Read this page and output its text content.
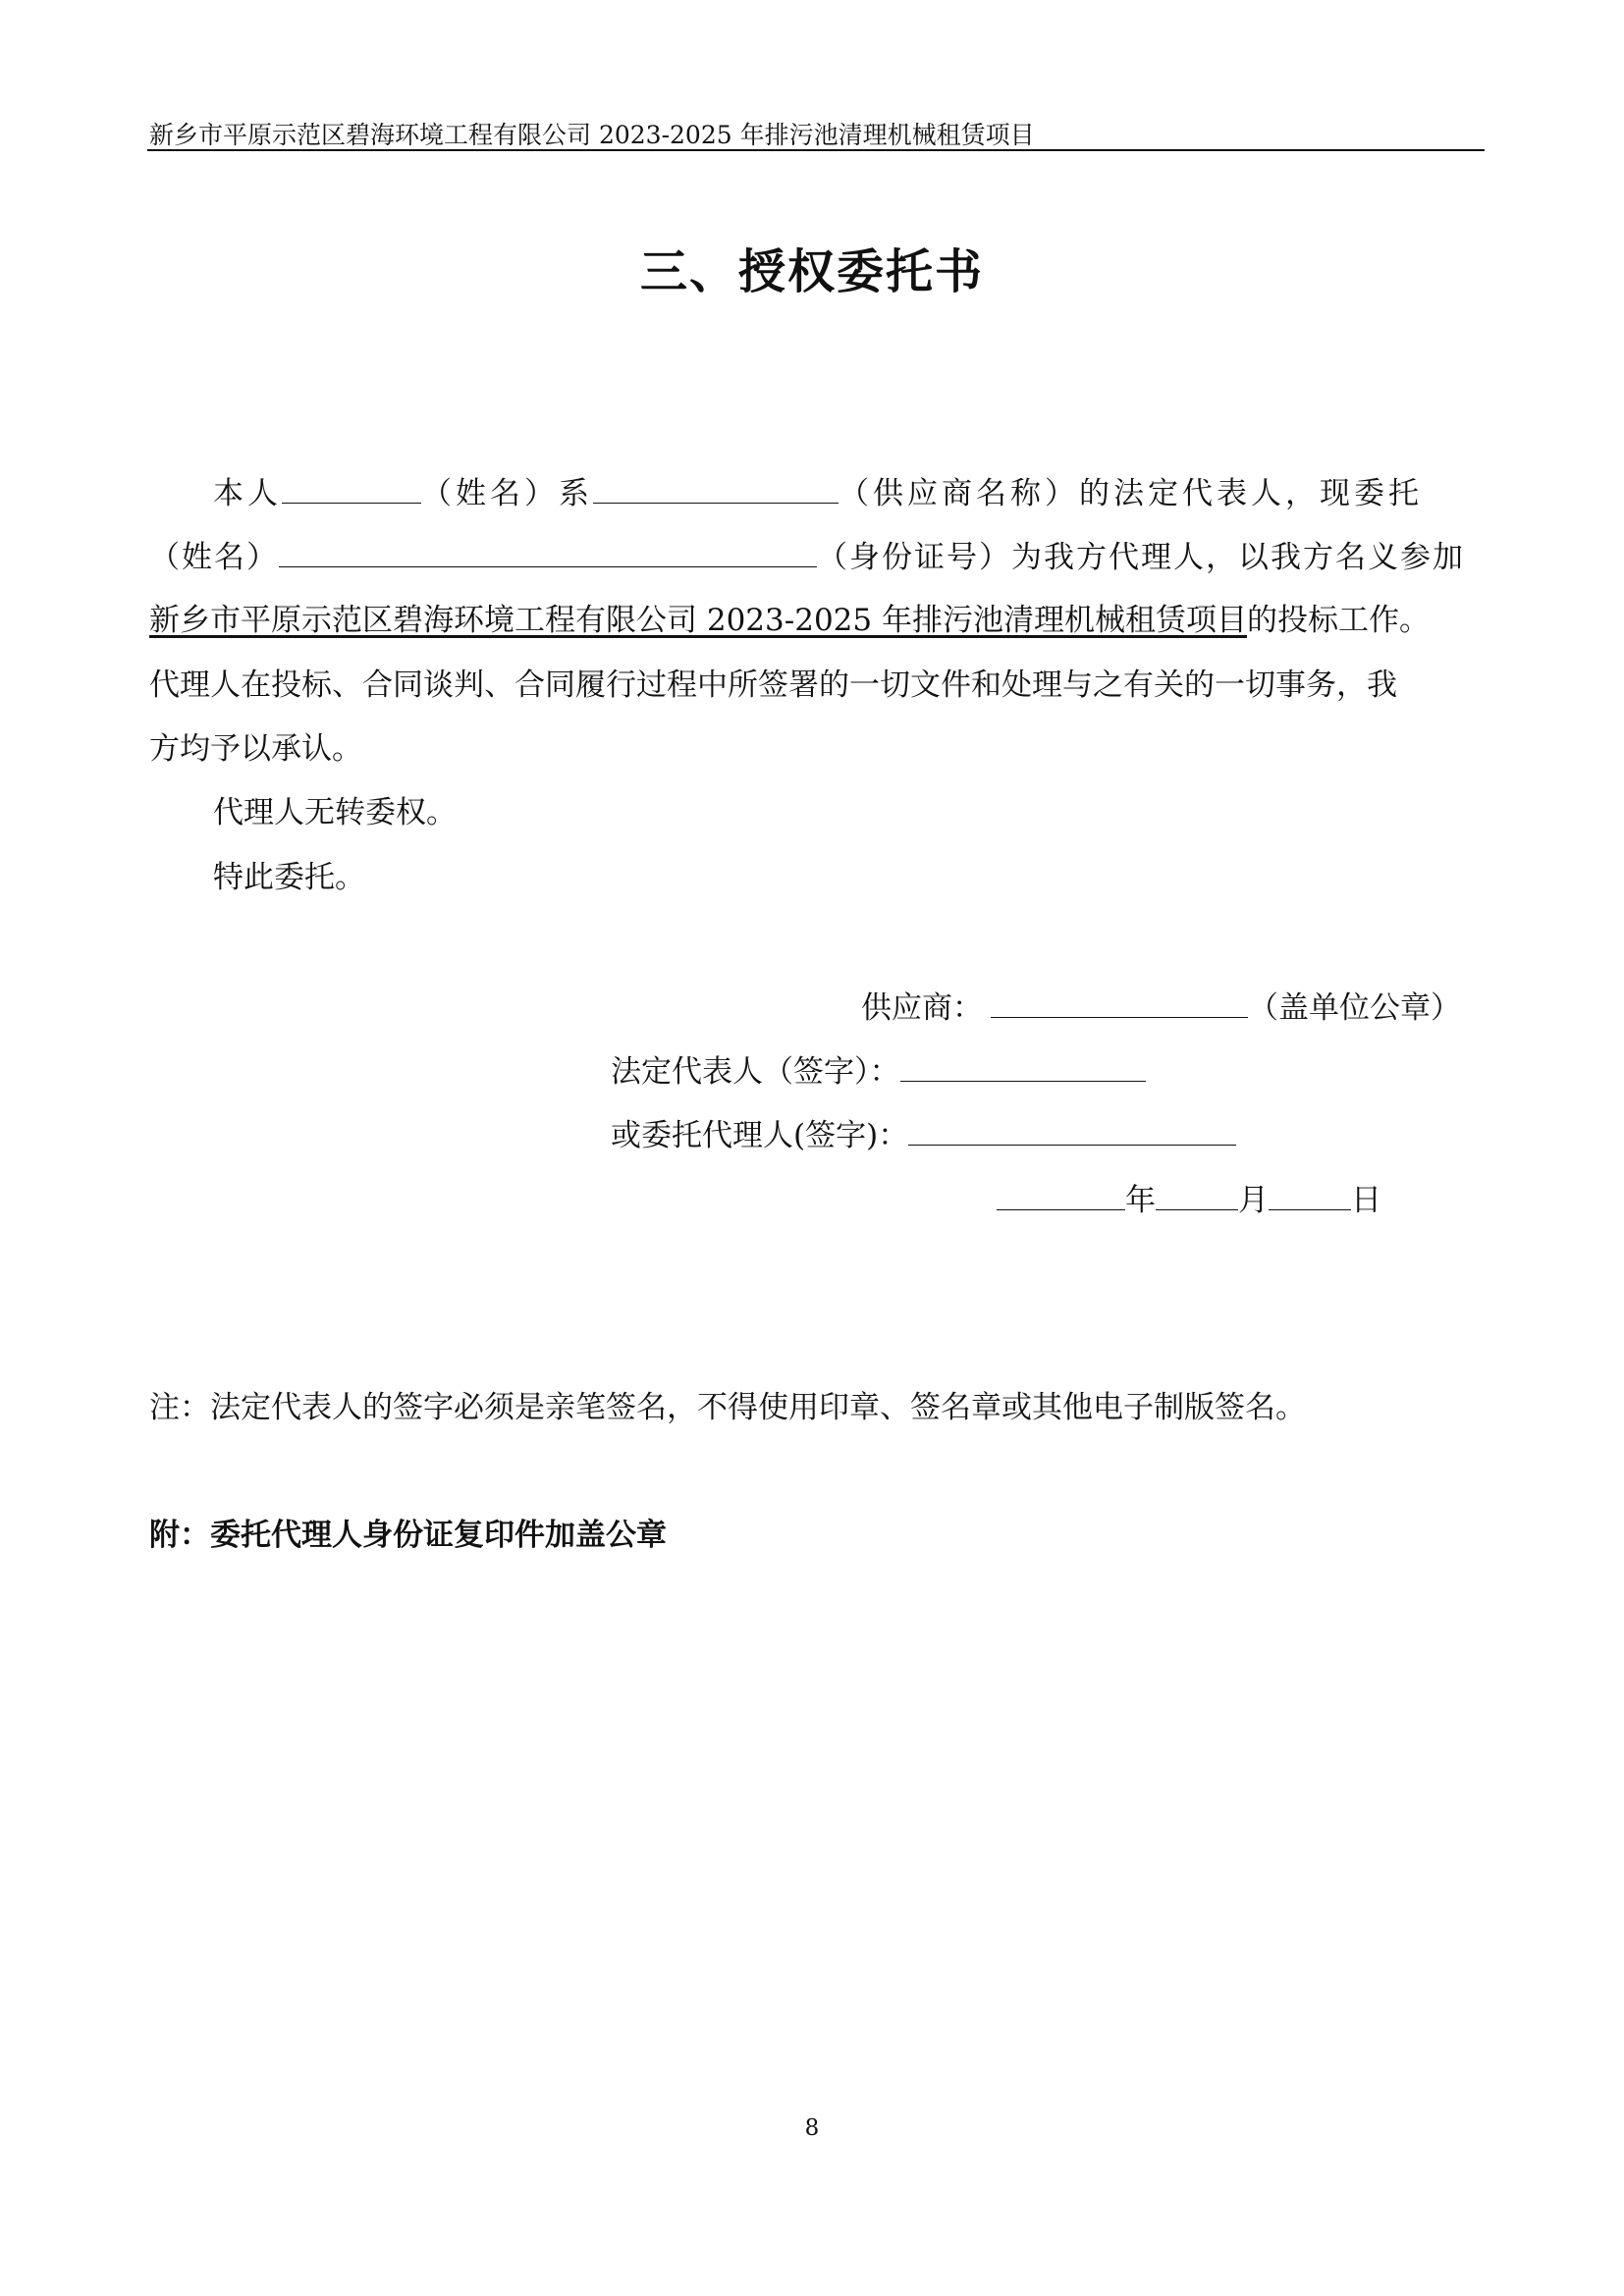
新乡市平原示范区碧海环境工程有限公司 2023-2025 年排污池清理机械租赁项目
三、授权委托书
本人	（姓名）系	（供应商名称）的法定代表人，现委托
（姓名）	（身份证号）为我方代理人，以我方名义参加
新乡市平原示范区碧海环境工程有限公司 2023-2025 年排污池清理机械租赁项目的投标工作。
代理人在投标、合同谈判、合同履行过程中所签署的一切文件和处理与之有关的一切事务，我
方均予以承认。
代理人无转委权。
特此委托。
供应商：	（盖单位公章）
法定代表人（签字）：
或委托代理人(签字)：
年	月	日
注：法定代表人的签字必须是亲笔签名，不得使用印章、签名章或其他电子制版签名。
附：委托代理人身份证复印件加盖公章
8
